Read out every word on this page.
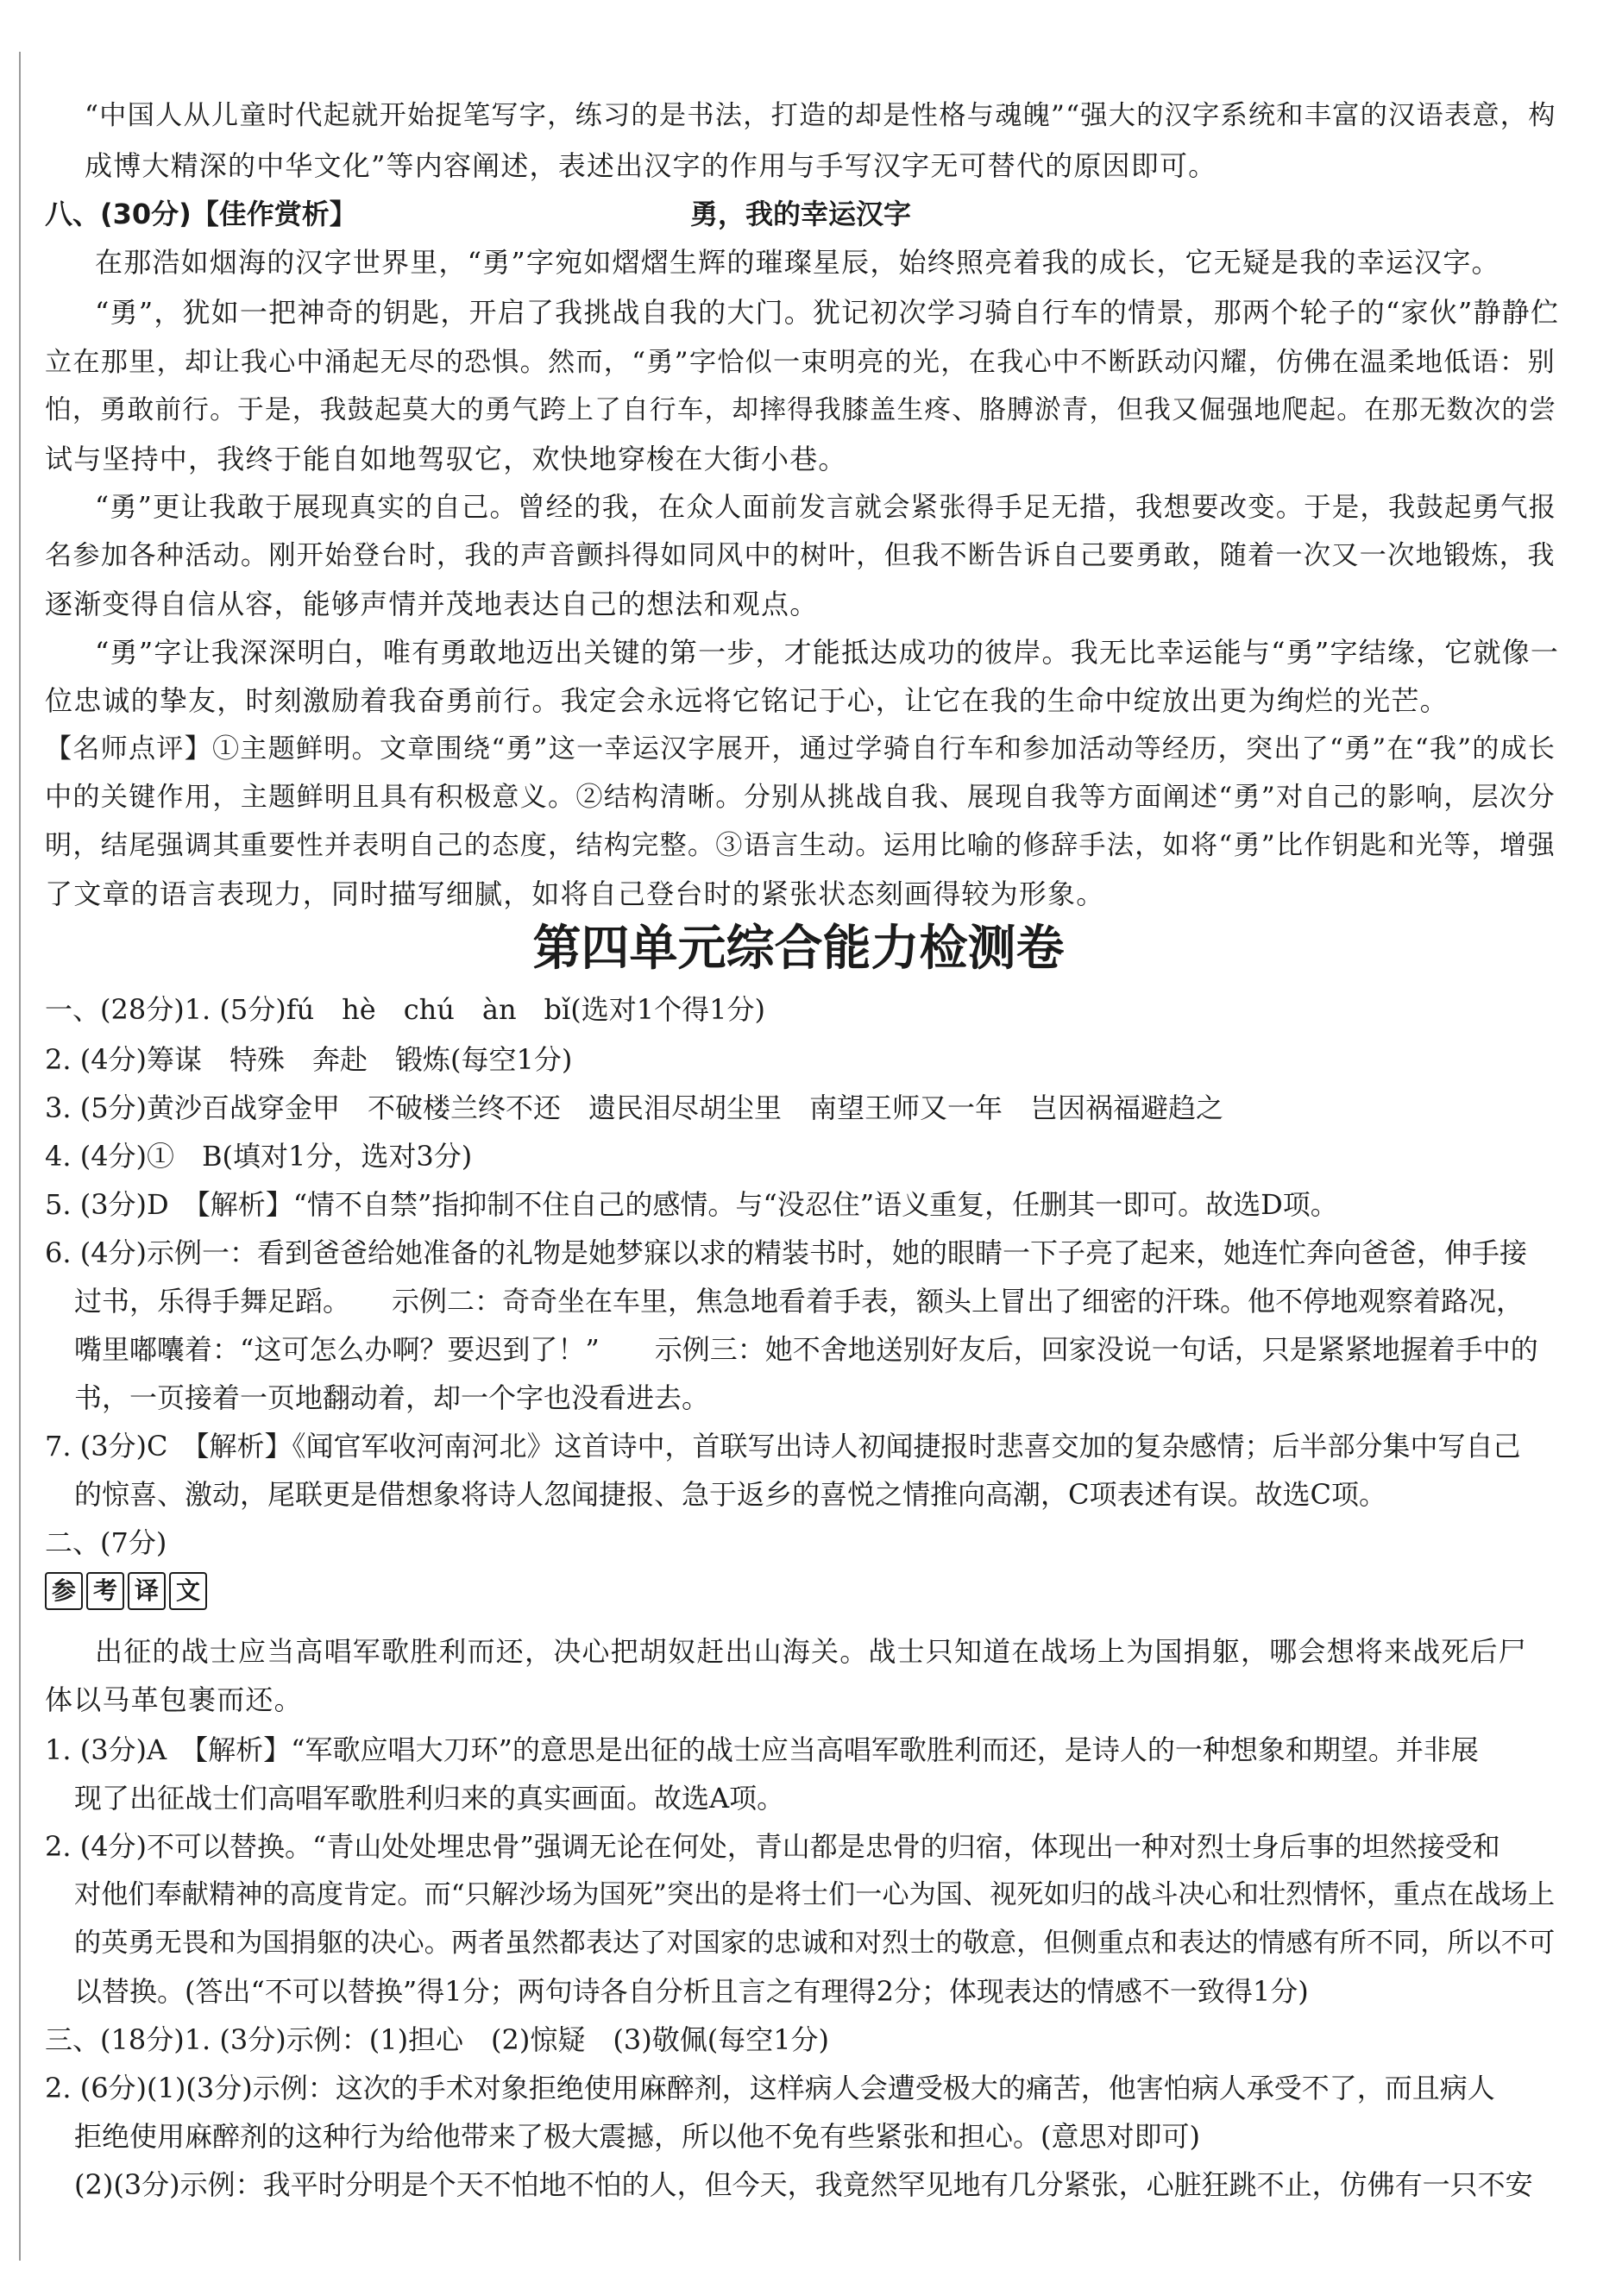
“中国人从儿童时代起就开始捉笔写字，练习的是书法，打造的却是性格与魂魄”“强大的汉字系统和丰富的汉语表意，构
成博大精深的中华文化”等内容阐述，表述出汉字的作用与手写汉字无可替代的原因即可。
八、(30分)【佳作赏析】	勇，我的幸运汉字
在那浩如烟海的汉字世界里，“勇”字宛如熠熠生辉的璀璨星辰，始终照亮着我的成长，它无疑是我的幸运汉字。
“勇”，犹如一把神奇的钥匙，开启了我挑战自我的大门。犹记初次学习骑自行车的情景，那两个轮子的“家伙”静静伫
立在那里，却让我心中涌起无尽的恐惧。然而，“勇”字恰似一束明亮的光，在我心中不断跃动闪耀，仿佛在温柔地低语：别
怕，勇敢前行。于是，我鼓起莫大的勇气跨上了自行车，却摔得我膝盖生疼、胳膊淤青，但我又倔强地爬起。在那无数次的尝
试与坚持中，我终于能自如地驾驭它，欢快地穿梭在大街小巷。
“勇”更让我敢于展现真实的自己。曾经的我，在众人面前发言就会紧张得手足无措，我想要改变。于是，我鼓起勇气报
名参加各种活动。刚开始登台时，我的声音颤抖得如同风中的树叶，但我不断告诉自己要勇敢，随着一次又一次地锻炼，我
逐渐变得自信从容，能够声情并茂地表达自己的想法和观点。
“勇”字让我深深明白，唯有勇敢地迈出关键的第一步，才能抵达成功的彼岸。我无比幸运能与“勇”字结缘，它就像一
位忠诚的挚友，时刻激励着我奋勇前行。我定会永远将它铭记于心，让它在我的生命中绽放出更为绚烂的光芒。
【名师点评】①主题鲜明。文章围绕“勇”这一幸运汉字展开，通过学骑自行车和参加活动等经历，突出了“勇”在“我”的成长
中的关键作用，主题鲜明且具有积极意义。②结构清晰。分别从挑战自我、展现自我等方面阐述“勇”对自己的影响，层次分
明，结尾强调其重要性并表明自己的态度，结构完整。③语言生动。运用比喻的修辞手法，如将“勇”比作钥匙和光等，增强
了文章的语言表现力，同时描写细腻，如将自己登台时的紧张状态刻画得较为形象。
第四单元综合能力检测卷
一、(28分)1. (5分)fú　hè　chú　àn　bǐ(选对1个得1分)
2. (4分)筹谋　特殊　奔赴　锻炼(每空1分)
3. (5分)黄沙百战穿金甲　不破楼兰终不还　遗民泪尽胡尘里　南望王师又一年　岂因祸福避趋之
4. (4分)①　B(填对1分，选对3分)
5. (3分)D　【解析】“情不自禁”指抑制不住自己的感情。与“没忍住”语义重复，任删其一即可。故选D项。
6. (4分)示例一：看到爸爸给她准备的礼物是她梦寐以求的精装书时，她的眼睛一下子亮了起来，她连忙奔向爸爸，伸手接
过书，乐得手舞足蹈。　　示例二：奇奇坐在车里，焦急地看着手表，额头上冒出了细密的汗珠。他不停地观察着路况，
嘴里嘟囔着：“这可怎么办啊？要迟到了！”　　示例三：她不舍地送别好友后，回家没说一句话，只是紧紧地握着手中的
书，一页接着一页地翻动着，却一个字也没看进去。
7. (3分)C　【解析】《闻官军收河南河北》这首诗中，首联写出诗人初闻捷报时悲喜交加的复杂感情；后半部分集中写自己
的惊喜、激动，尾联更是借想象将诗人忽闻捷报、急于返乡的喜悦之情推向高潮，C项表述有误。故选C项。
二、(7分)
参 考 译 文
出征的战士应当高唱军歌胜利而还，决心把胡奴赶出山海关。战士只知道在战场上为国捐躯，哪会想将来战死后尸
体以马革包裹而还。
1. (3分)A　【解析】“军歌应唱大刀环”的意思是出征的战士应当高唱军歌胜利而还，是诗人的一种想象和期望。并非展
现了出征战士们高唱军歌胜利归来的真实画面。故选A项。
2. (4分)不可以替换。“青山处处埋忠骨”强调无论在何处，青山都是忠骨的归宿，体现出一种对烈士身后事的坦然接受和
对他们奉献精神的高度肯定。而“只解沙场为国死”突出的是将士们一心为国、视死如归的战斗决心和壮烈情怀，重点在战场上
的英勇无畏和为国捐躯的决心。两者虽然都表达了对国家的忠诚和对烈士的敬意，但侧重点和表达的情感有所不同，所以不可
以替换。(答出“不可以替换”得1分；两句诗各自分析且言之有理得2分；体现表达的情感不一致得1分)
三、(18分)1. (3分)示例：(1)担心　(2)惊疑　(3)敬佩(每空1分)
2. (6分)(1)(3分)示例：这次的手术对象拒绝使用麻醉剂，这样病人会遭受极大的痛苦，他害怕病人承受不了，而且病人
拒绝使用麻醉剂的这种行为给他带来了极大震撼，所以他不免有些紧张和担心。(意思对即可)
(2)(3分)示例：我平时分明是个天不怕地不怕的人，但今天，我竟然罕见地有几分紧张，心脏狂跳不止，仿佛有一只不安
